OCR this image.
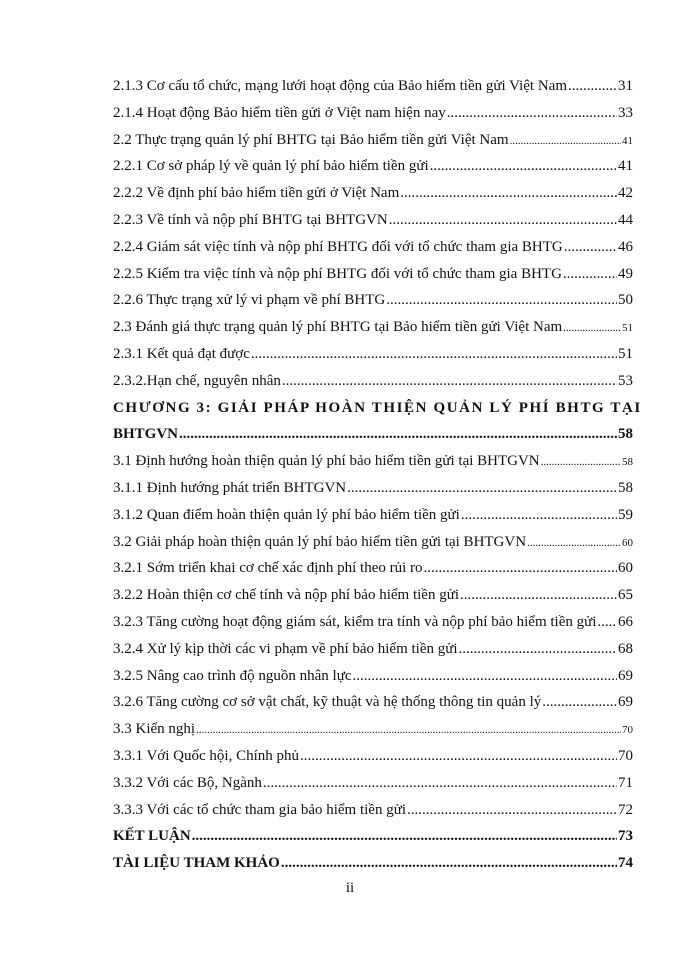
2.1.3 Cơ cấu tổ chức, mạng lưới hoạt động của Bảo hiểm tiền gửi Việt Nam .....	31
2.1.4 Hoạt động Bảo hiểm tiền gửi ở Việt nam hiện nay .....	33
2.2 Thực trạng quản lý phí BHTG tại Bảo hiểm tiền gửi Việt Nam .....	41
2.2.1 Cơ sở pháp lý về quản lý phí bảo hiểm tiền gửi .....	41
2.2.2 Về định phí bảo hiểm tiền gửi ở Việt Nam .....	42
2.2.3 Về tính và nộp phí BHTG tại BHTGVN .....	44
2.2.4 Giám sát việc tính và nộp phí BHTG đối với tổ chức tham gia BHTG .....	46
2.2.5 Kiểm tra việc tính và nộp phí BHTG đối với tổ chức tham gia BHTG .....	49
2.2.6 Thực trạng xử lý vi phạm về phí BHTG .....	50
2.3 Đánh giá thực trạng quản lý phí BHTG tại Bảo hiểm tiền gửi Việt Nam .....	51
2.3.1 Kết quả đạt được .....	51
2.3.2.Hạn chế, nguyên nhân .....	53
CHƯƠNG 3: GIẢI PHÁP HOÀN THIỆN QUẢN LÝ PHÍ BHTG TẠI
BHTGVN .....	58
3.1 Định hướng hoàn thiện quản lý phí bảo hiểm tiền gửi tại BHTGVN .....	58
3.1.1 Định hướng phát triển BHTGVN .....	58
3.1.2 Quan điểm hoàn thiện quản lý phí bảo hiểm tiền gửi .....	59
3.2 Giải pháp hoàn thiện quản lý phí bảo hiểm tiền gửi tại BHTGVN .....	60
3.2.1 Sớm triển khai cơ chế xác định phí theo rủi ro .....	60
3.2.2 Hoàn thiện cơ chế tính và nộp phí bảo hiểm tiền gửi .....	65
3.2.3 Tăng cường hoạt động giám sát, kiểm tra tính và nộp phí bảo hiểm tiền gửi ..... 66
3.2.4 Xử lý kịp thời các vi phạm về phí bảo hiểm tiền gửi .....	68
3.2.5 Nâng cao trình độ nguồn nhân lực .....	69
3.2.6 Tăng cường cơ sở vật chất, kỹ thuật và hệ thống thông tin quản lý .....	69
3.3 Kiến nghị .....	70
3.3.1 Với Quốc hội, Chính phủ .....	70
3.3.2 Với các Bộ, Ngành .....	71
3.3.3 Với các tổ chức tham gia bảo hiểm tiền gửi .....	72
KẾT LUẬN .....	73
TÀI LIỆU THAM KHẢO .....	74
ii
